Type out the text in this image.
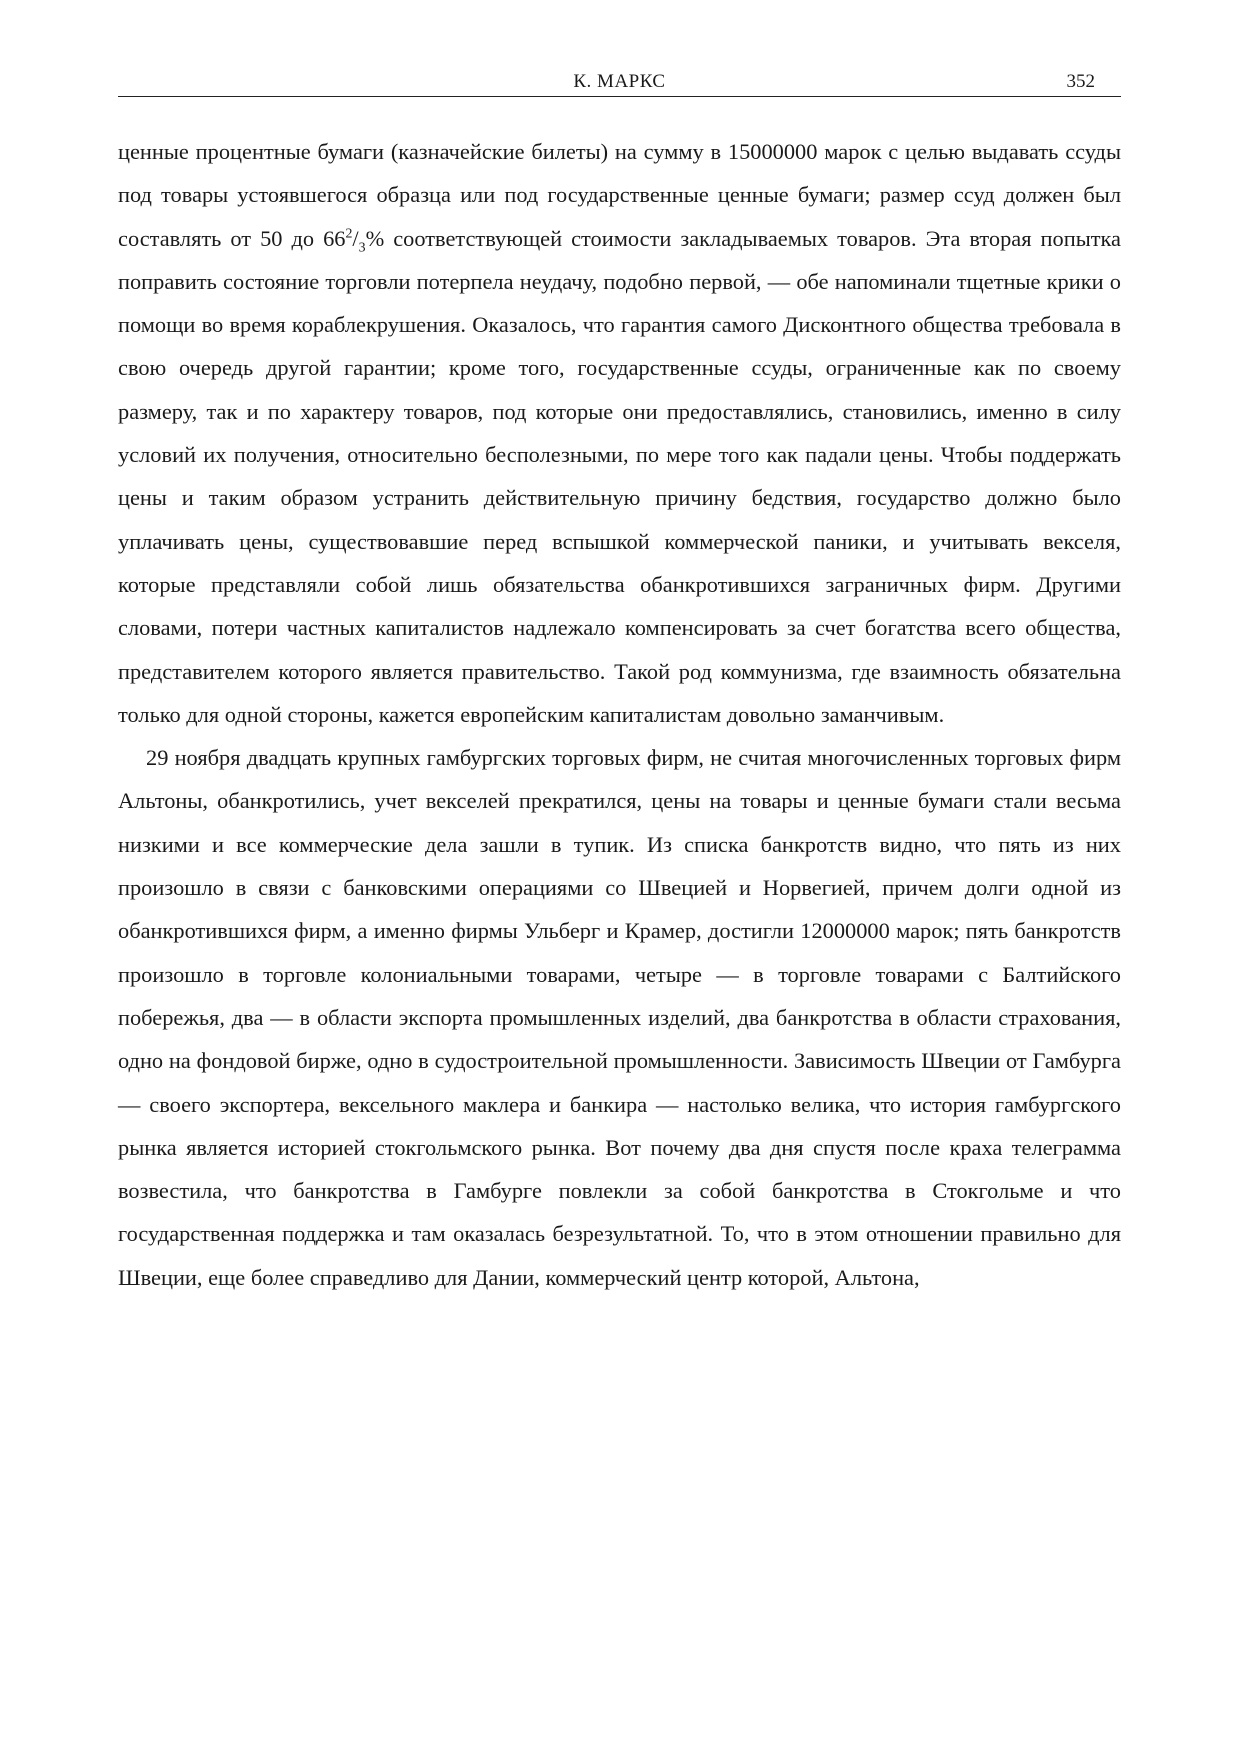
К. МАРКС	352

ценные процентные бумаги (казначейские билеты) на сумму в 15000000 марок с целью выдавать ссуды под товары устоявшегося образца или под государственные ценные бумаги; размер ссуд должен был составлять от 50 до $66^2/_3\%$ соответствующей стоимости закладываемых товаров. Эта вторая попытка поправить состояние торговли потерпела неудачу, подобно первой, — обе напоминали тщетные крики о помощи во время кораблекрушения. Оказалось, что гарантия самого Дисконтного общества требовала в свою очередь другой гарантии; кроме того, государственные ссуды, ограниченные как по своему размеру, так и по характеру товаров, под которые они предоставлялись, становились, именно в силу условий их получения, относительно бесполезными, по мере того как падали цены. Чтобы поддержать цены и таким образом устранить действительную причину бедствия, государство должно было уплачивать цены, существовавшие перед вспышкой коммерческой паники, и учитывать векселя, которые представляли собой лишь обязательства обанкротившихся заграничных фирм. Другими словами, потери частных капиталистов надлежало компенсировать за счет богатства всего общества, представителем которого является правительство. Такой род коммунизма, где взаимность обязательна только для одной стороны, кажется европейским капиталистам довольно заманчивым.

29 ноября двадцать крупных гамбургских торговых фирм, не считая многочисленных торговых фирм Альтоны, обанкротились, учет векселей прекратился, цены на товары и ценные бумаги стали весьма низкими и все коммерческие дела зашли в тупик. Из списка банкротств видно, что пять из них произошло в связи с банковскими операциями со Швецией и Норвегией, причем долги одной из обанкротившихся фирм, а именно фирмы Ульберг и Крамер, достигли 12000000 марок; пять банкротств произошло в торговле колониальными товарами, четыре — в торговле товарами с Балтийского побережья, два — в области экспорта промышленных изделий, два банкротства в области страхования, одно на фондовой бирже, одно в судостроительной промышленности. Зависимость Швеции от Гамбурга — своего экспортера, вексельного маклера и банкира — настолько велика, что история гамбургского рынка является историей стокгольмского рынка. Вот почему два дня спустя после краха телеграмма возвестила, что банкротства в Гамбурге повлекли за собой банкротства в Стокгольме и что государственная поддержка и там оказалась безрезультатной. То, что в этом отношении правильно для Швеции, еще более справедливо для Дании, коммерческий центр которой, Альтона,
